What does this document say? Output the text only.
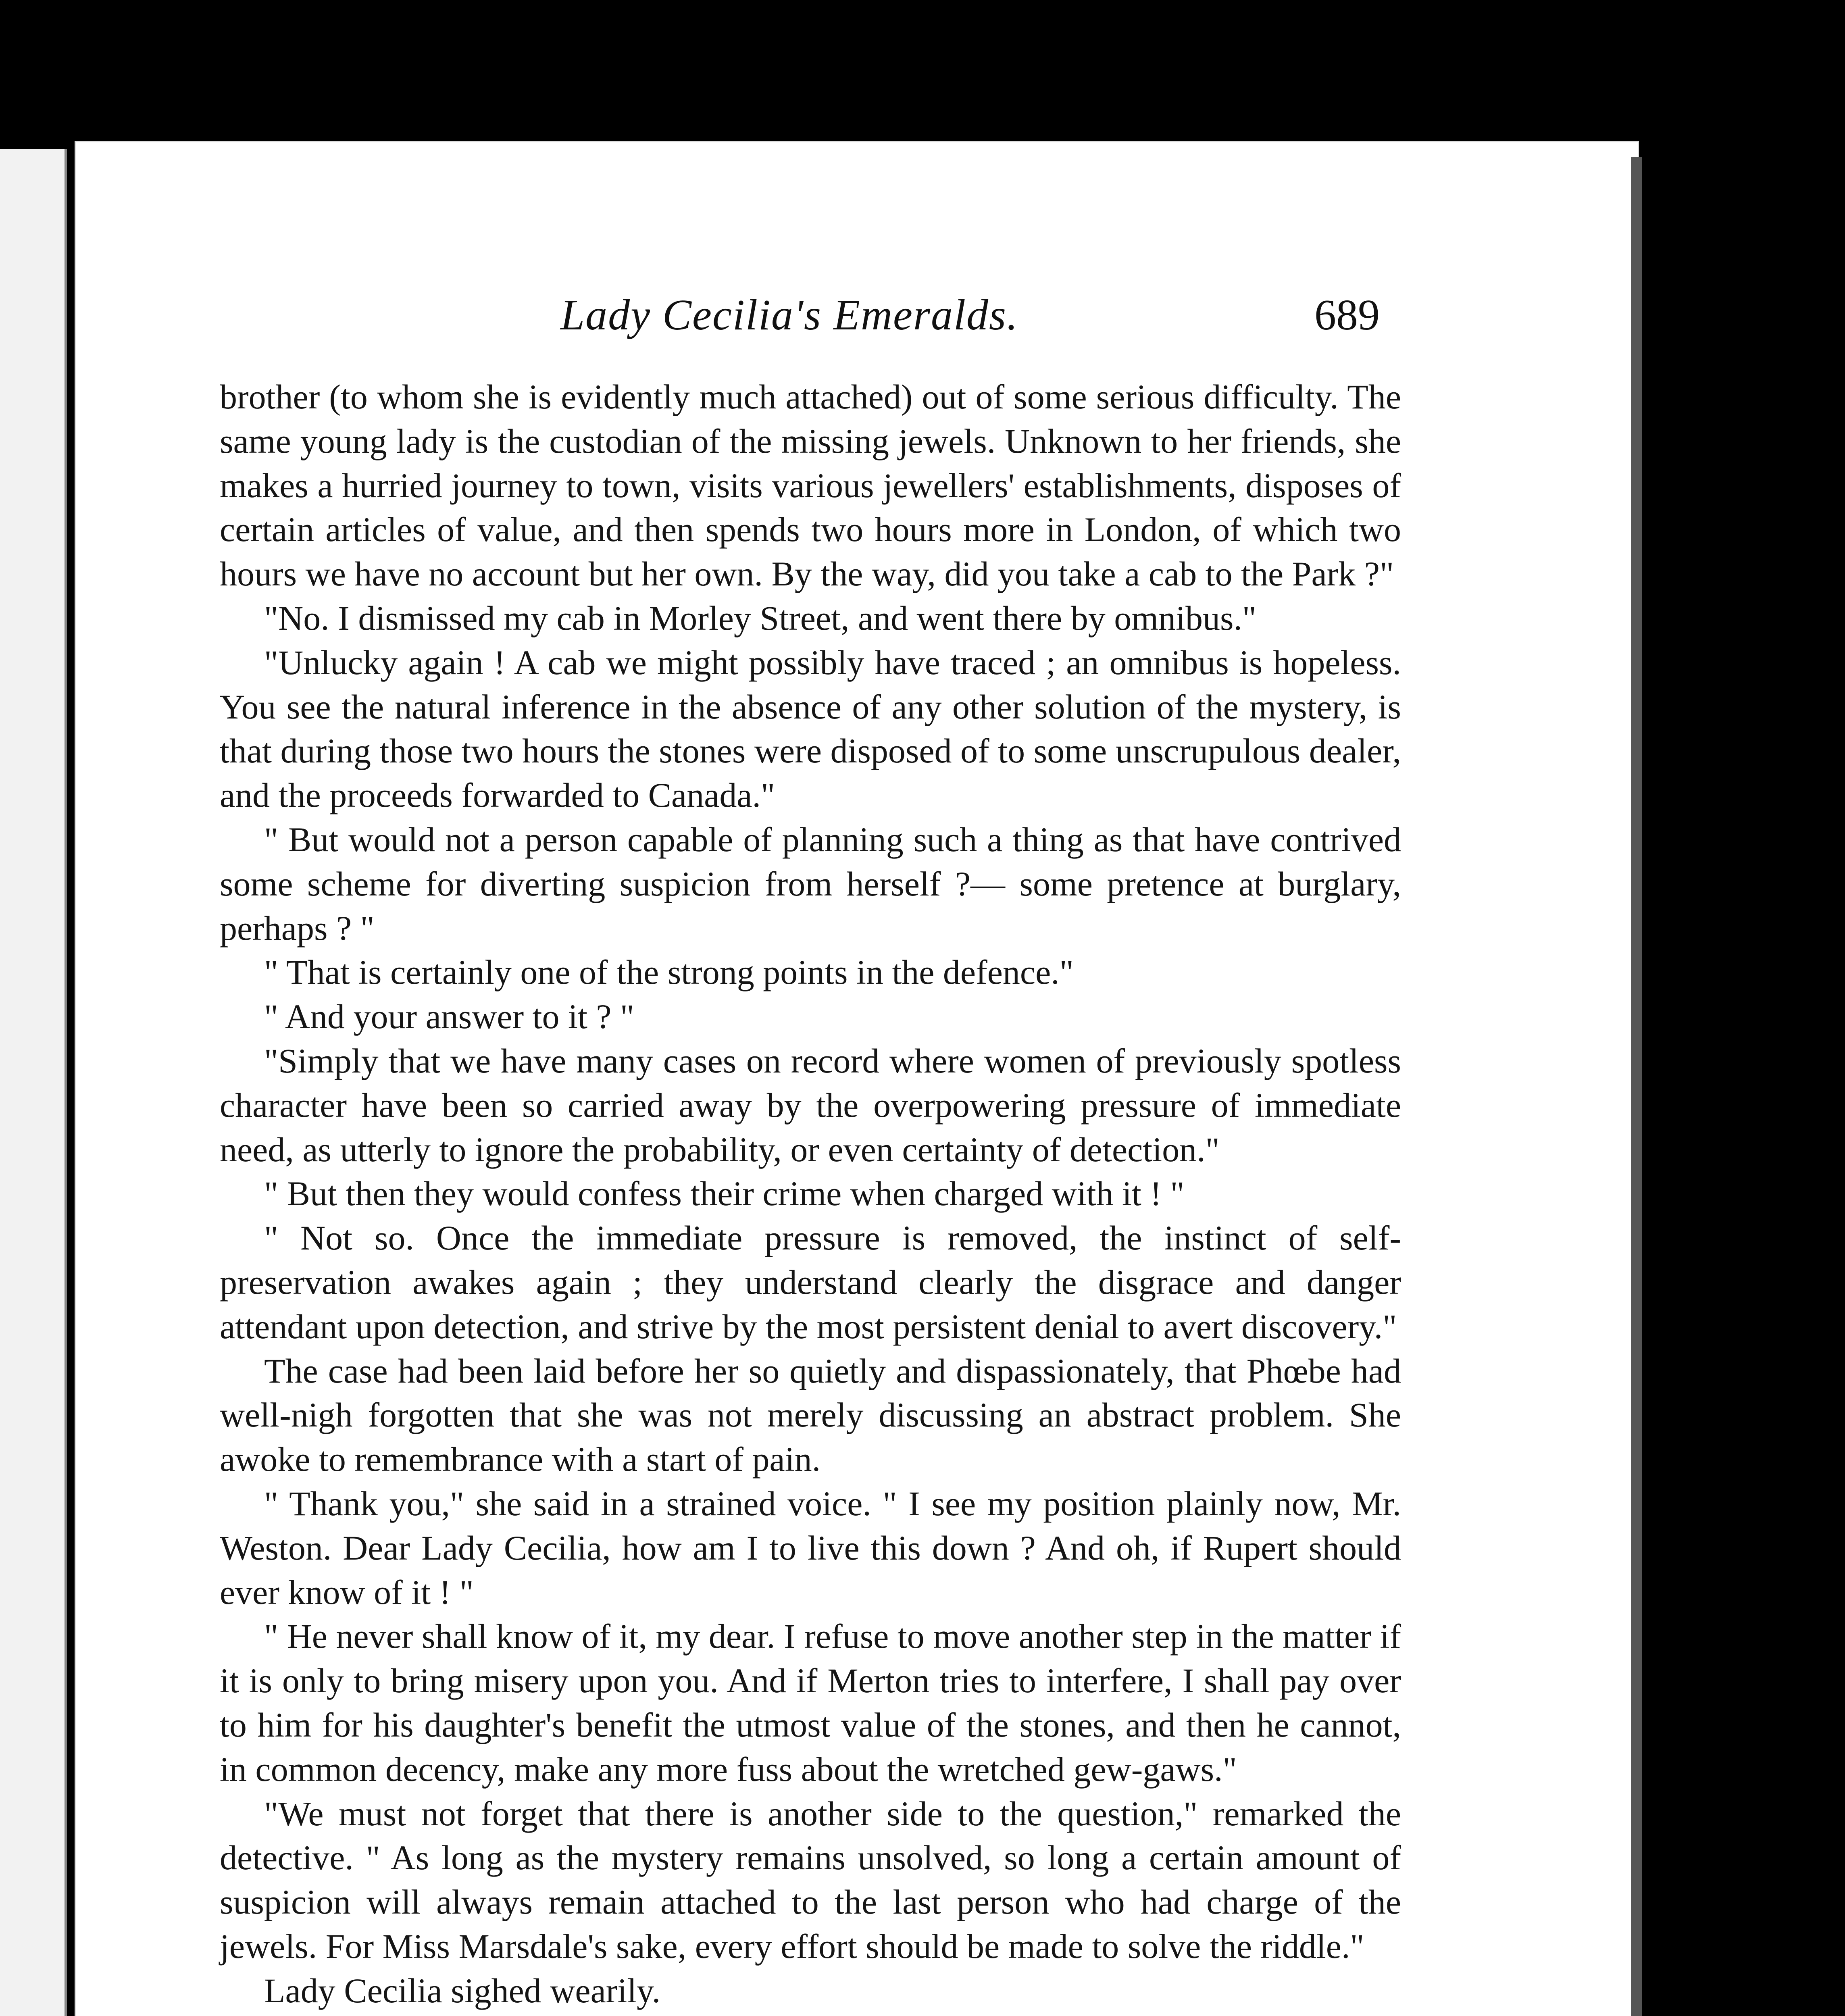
Lady Cecilia's Emeralds.	689

brother (to whom she is evidently much attached) out of some serious difficulty. The same young lady is the custodian of the missing jewels. Unknown to her friends, she makes a hurried journey to town, visits various jewellers' establishments, disposes of certain articles of value, and then spends two hours more in London, of which two hours we have no account but her own. By the way, did you take a cab to the Park ?"

"No. I dismissed my cab in Morley Street, and went there by omnibus."

"Unlucky again ! A cab we might possibly have traced ; an omnibus is hopeless. You see the natural inference in the absence of any other solution of the mystery, is that during those two hours the stones were disposed of to some unscrupulous dealer, and the proceeds forwarded to Canada."

" But would not a person capable of planning such a thing as that have contrived some scheme for diverting suspicion from herself ?— some pretence at burglary, perhaps ? "

" That is certainly one of the strong points in the defence."

" And your answer to it ? "

"Simply that we have many cases on record where women of previously spotless character have been so carried away by the overpowering pressure of immediate need, as utterly to ignore the probability, or even certainty of detection."

" But then they would confess their crime when charged with it ! "

" Not so. Once the immediate pressure is removed, the instinct of self-preservation awakes again ; they understand clearly the disgrace and danger attendant upon detection, and strive by the most persistent denial to avert discovery."

The case had been laid before her so quietly and dispassionately, that Phœbe had well-nigh forgotten that she was not merely discussing an abstract problem. She awoke to remembrance with a start of pain.

" Thank you," she said in a strained voice. " I see my position plainly now, Mr. Weston. Dear Lady Cecilia, how am I to live this down ? And oh, if Rupert should ever know of it ! "

" He never shall know of it, my dear. I refuse to move another step in the matter if it is only to bring misery upon you. And if Merton tries to interfere, I shall pay over to him for his daughter's benefit the utmost value of the stones, and then he cannot, in common decency, make any more fuss about the wretched gew-gaws."

"We must not forget that there is another side to the question," remarked the detective. " As long as the mystery remains unsolved, so long a certain amount of suspicion will always remain attached to the last person who had charge of the jewels. For Miss Marsdale's sake, every effort should be made to solve the riddle."

Lady Cecilia sighed wearily.
